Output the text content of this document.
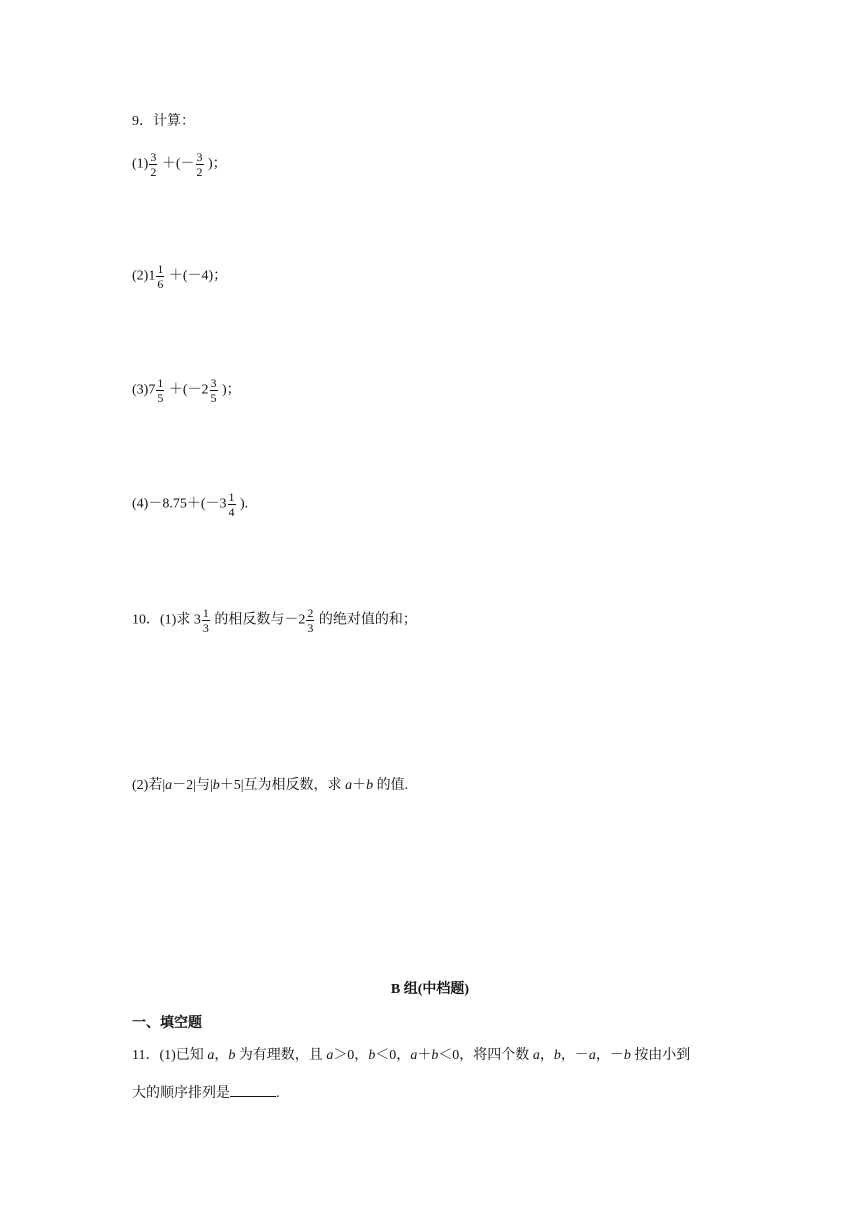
9．计算：
$(1) \frac{3}{2}$ ＋(－ $\frac{3}{2}$ )；
$(2)1 \frac{1}{6} +(-4)$；
$(3)7 \frac{1}{5} +(-2 \frac{3}{5}$ )；
$(4)-8.75+(-3 \frac{1}{4}$ ).
10．(1)求 $3 \frac{1}{3}$ 的相反数与$-2 \frac{2}{3}$ 的绝对值的和；
(2)若|a－2|与|b＋5|互为相反数，求 a＋b 的值.
B 组(中档题)
一、填空题
11．(1)已知 a，b 为有理数，且 a＞0，b＜0，a＋b＜0，将四个数 a，b，－a，－b 按由小到
大的顺序排列是	.
